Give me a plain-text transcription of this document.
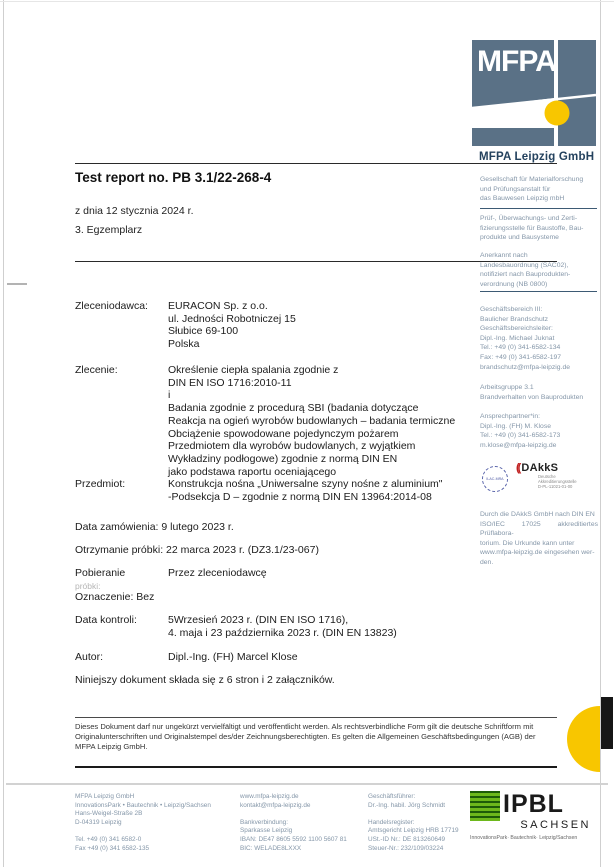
MFPA
MFPA Leipzig GmbH
Gesellschaft für Materialforschung
und Prüfungsanstalt für
das Bauwesen Leipzig mbH
Prüf-, Überwachungs- und Zerti-
fizierungsstelle für Baustoffe, Bau-
produkte und Bausysteme
Anerkannt nach
Landesbauordnung (SAC02),
notifiziert nach Bauprodukten-
verordnung (NB 0800)
Geschäftsbereich III:
Baulicher Brandschutz
Geschäftsbereichsleiter:
Dipl.-Ing. Michael Juknat
Tel.: +49 (0) 341-6582-134
Fax: +49 (0) 341-6582-197
brandschutz@mfpa-leipzig.de
Arbeitsgruppe 3.1
Brandverhalten von Bauprodukten
Ansprechpartner*in:
Dipl.-Ing. (FH) M. Klose
Tel.: +49 (0) 341-6582-173
m.klose@mfpa-leipzig.de
ILAC-MRA
(( DAkkS
Deutsche
Akkreditierungsstelle
D-PL-11021-01-00
Durch die DAkkS GmbH nach DIN EN
ISO/IEC 17025 akkreditiertes Prüflabora-
torium. Die Urkunde kann unter
www.mfpa-leipzig.de eingesehen wer-
den.
Test report no. PB 3.1/22-268-4
z dnia 12 stycznia 2024 r.
3. Egzemplarz
Zleceniodawca:	EURACON Sp. z o.o.
ul. Jedności Robotniczej 15
Słubice 69-100
Polska
Zlecenie:	Określenie ciepła spalania zgodnie z
DIN EN ISO 1716:2010-11
i
Badania zgodnie z procedurą SBI (badania dotyczące
Reakcja na ogień wyrobów budowlanych – badania termiczne
Obciążenie spowodowane pojedynczym pożarem
Przedmiotem dla wyrobów budowlanych, z wyjątkiem
Wykładziny podłogowe) zgodnie z normą DIN EN
jako podstawa raportu oceniającego
Przedmiot:	Konstrukcja nośna „Uniwersalne szyny nośne z aluminium"
-Podsekcja D – zgodnie z normą DIN EN 13964:2014-08
Data zamówienia: 9 lutego 2023 r.
Otrzymanie próbki: 22 marca 2023 r. (DZ3.1/23-067)
Pobieranie
próbki:
Przez zleceniodawcę
Oznaczenie: Bez
Data kontroli:	5Wrzesień 2023 r. (DIN EN ISO 1716),
4. maja i 23 października 2023 r. (DIN EN 13823)
Autor:	Dipl.-Ing. (FH) Marcel Klose
Niniejszy dokument składa się z 6 stron i 2 załączników.
Dieses Dokument darf nur ungekürzt vervielfältigt und veröffentlicht werden. Als rechtsverbindliche Form gilt die deutsche Schriftform mit Originalunterschriften und Originalstempel des/der Zeichnungsberechtigten. Es gelten die Allgemeinen Geschäftsbedingungen (AGB) der MFPA Leipzig GmbH.
MFPA Leipzig GmbH
InnovationsPark • Bautechnik • Leipzig/Sachsen
Hans-Weigel-Straße 2B
D-04319 Leipzig

Tel. +49 (0) 341 6582-0
Fax +49 (0) 341 6582-135
www.mfpa-leipzig.de
kontakt@mfpa-leipzig.de

Bankverbindung:
Sparkasse Leipzig
IBAN: DE47 8605 5592 1100 5607 81
BIC: WELADE8LXXX
Geschäftsführer:
Dr.-Ing. habil. Jörg Schmidt

Handelsregister:
Amtsgericht Leipzig HRB 17719
USt.-ID Nr.: DE 813260649
Steuer-Nr.: 232/109/03224
IPBL
SACHSEN
InnovationsPark· Bautechnik· Leipzig/Sachsen
